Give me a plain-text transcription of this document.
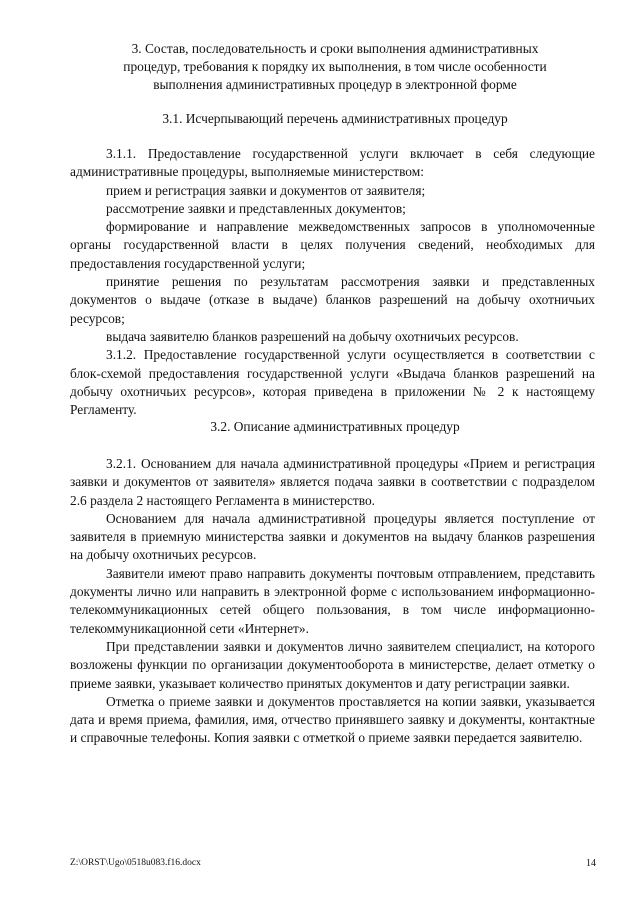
3. Состав, последовательность и сроки выполнения административных
процедур, требования к порядку их выполнения, в том числе особенности
выполнения административных процедур в электронной форме
3.1. Исчерпывающий перечень административных процедур

3.1.1. Предоставление государственной услуги включает в себя следующие административные процедуры, выполняемые министерством:

прием и регистрация заявки и документов от заявителя;

рассмотрение заявки и представленных документов;

формирование и направление межведомственных запросов в уполномоченные органы государственной власти в целях получения сведений, необходимых для предоставления государственной услуги;

принятие решения по результатам рассмотрения заявки и представленных документов о выдаче (отказе в выдаче) бланков разрешений на добычу охотничьих ресурсов;

выдача заявителю бланков разрешений на добычу охотничьих ресурсов.

3.1.2. Предоставление государственной услуги осуществляется в соответствии с блок-схемой предоставления государственной услуги «Выдача бланков разрешений на добычу охотничьих ресурсов», которая приведена в приложении № 2 к настоящему Регламенту.

3.2. Описание административных процедур

3.2.1. Основанием для начала административной процедуры «Прием и регистрация заявки и документов от заявителя» является подача заявки в соответствии с подразделом 2.6 раздела 2 настоящего Регламента в министерство.

Основанием для начала административной процедуры является поступление от заявителя в приемную министерства заявки и документов на выдачу бланков разрешения на добычу охотничьих ресурсов.

Заявители имеют право направить документы почтовым отправлением, представить документы лично или направить в электронной форме с использованием информационно-телекоммуникационных сетей общего пользования, в том числе информационно-телекоммуникационной сети «Интернет».

При представлении заявки и документов лично заявителем специалист, на которого возложены функции по организации документооборота в министерстве, делает отметку о приеме заявки, указывает количество принятых документов и дату регистрации заявки.

Отметка о приеме заявки и документов проставляется на копии заявки, указывается дата и время приема, фамилия, имя, отчество принявшего заявку и документы, контактные и справочные телефоны. Копия заявки с отметкой о приеме заявки передается заявителю.

Z:\ORST\Ugo\0518u083.f16.docx	14
